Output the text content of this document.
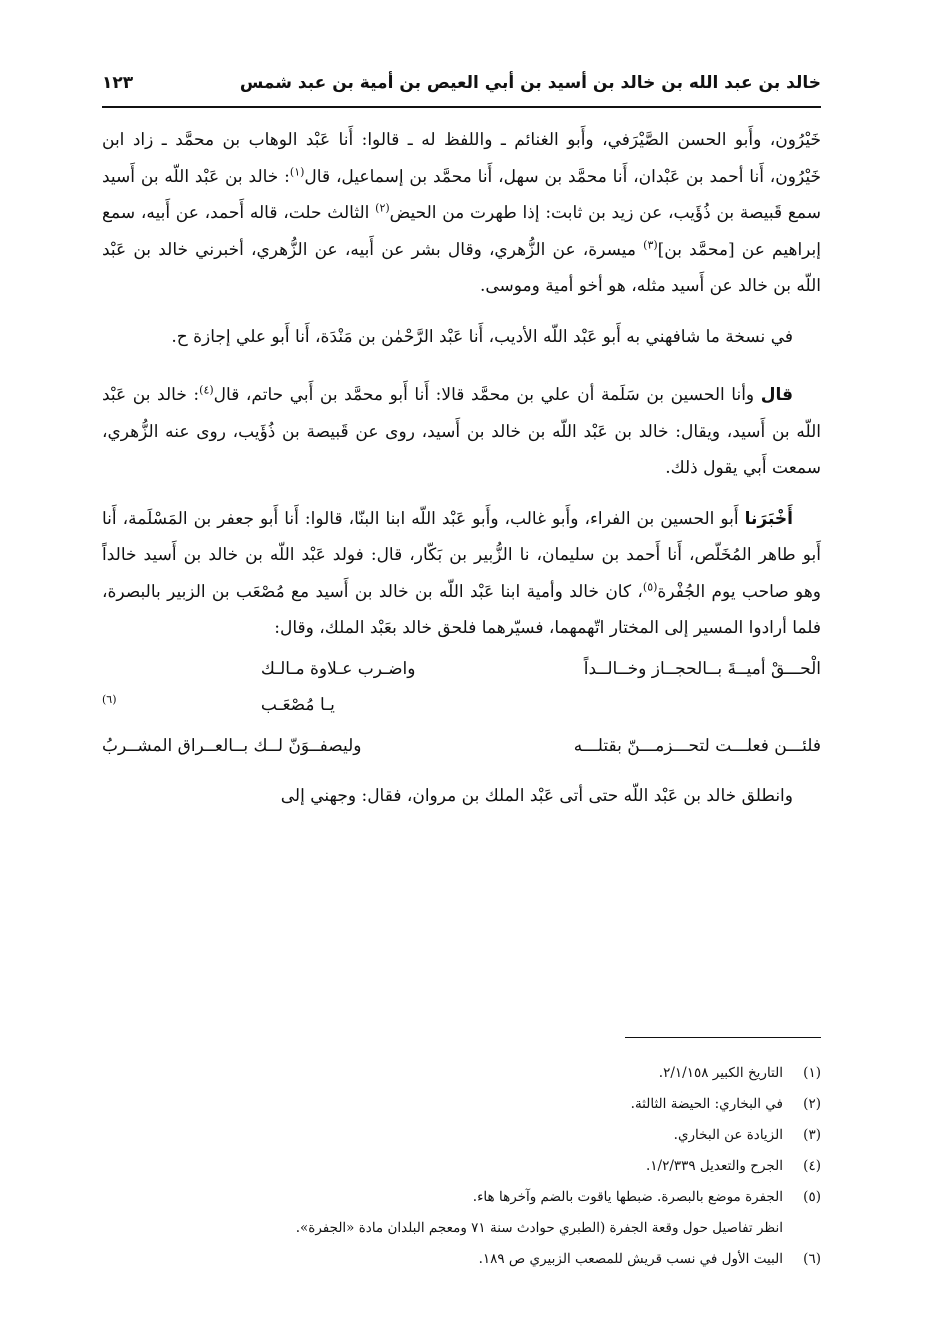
خالد بن عبد الله بن خالد بن أسيد بن أبي العيص بن أمية بن عبد شمس
١٢٣

خَيْرُون، وأَبو الحسن الصَّيْرَفي، وأَبو الغنائم ـ واللفظ له ـ قالوا: أَنا عَبْد الوهاب بن محمَّد ـ زاد ابن خَيْرُون، أَنا أحمد بن عَبْدان، أَنا محمَّد بن سهل، أَنا محمَّد بن إسماعيل، قال$^{(١)}$: خالد بن عَبْد اللّه بن أَسيد سمع قَبيصة بن ذُؤَيب، عن زيد بن ثابت: إذا طهرت من الحيض$^{(٢)}$ الثالث حلت، قاله أَحمد، عن أَبيه، سمع إبراهيم عن [محمَّد بن]$^{(٣)}$ ميسرة، عن الزُّهري، وقال بشر عن أَبيه، عن الزُّهري، أخبرني خالد بن عَبْد اللّه بن خالد عن أَسيد مثله، هو أخو أمية وموسى.

في نسخة ما شافهني به أَبو عَبْد اللّه الأديب، أَنا عَبْد الرَّحْمٰن بن مَنْدَة، أَنا أَبو علي إجازة ح.

قال وأنا الحسين بن سَلَمة أن علي بن محمَّد قالا: أَنا أَبو محمَّد بن أَبي حاتم، قال$^{(٤)}$: خالد بن عَبْد اللّه بن أَسيد، ويقال: خالد بن عَبْد اللّه بن خالد بن أَسيد، روى عن قَبيصة بن ذُؤَيب، روى عنه الزُّهري، سمعت أَبي يقول ذلك.

أَخْبَرَنا أَبو الحسين بن الفراء، وأَبو غالب، وأَبو عَبْد اللّه ابنا البنّا، قالوا: أَنا أَبو جعفر بن المَسْلَمة، أَنا أَبو طاهر المُخَلّص، أَنا أَحمد بن سليمان، نا الزُّبير بن بَكّار، قال: فولد عَبْد اللّه بن خالد بن أَسيد خالداً وهو صاحب يوم الجُفْرة$^{(٥)}$، كان خالد وأمية ابنا عَبْد اللّه بن خالد بن أَسيد مع مُصْعَب بن الزبير بالبصرة، فلما أرادوا المسير إلى المختار اتّهمهما، فسيّرهما فلحق خالد بعَبْد الملك، وقال:

الْحـــقْ أميــةَ بــالحجــاز وخــالــداً
واضـرب عـلاوة مـالـك يـا مُصْعَـب(٦)
فلئـــن فعلـــت لتحـــزمـــنّ بقتلـــه
وليصفــوَنّ لــك بــالعــراق المشــربُ

وانطلق خالد بن عَبْد اللّه حتى أتى عَبْد الملك بن مروان، فقال: وجهني إلى

(١)
التاريخ الكبير ٢/١/١٥٨.
(٢)
في البخاري: الحيضة الثالثة.
(٣)
الزيادة عن البخاري.
(٤)
الجرح والتعديل ١/٢/٣٣٩.
(٥)
الجفرة موضع بالبصرة. ضبطها ياقوت بالضم وآخرها هاء.
انظر تفاصيل حول وقعة الجفرة (الطبري حوادث سنة ٧١ ومعجم البلدان مادة «الجفرة».
(٦)
البيت الأول في نسب قريش للمصعب الزبيري ص ١٨٩.
